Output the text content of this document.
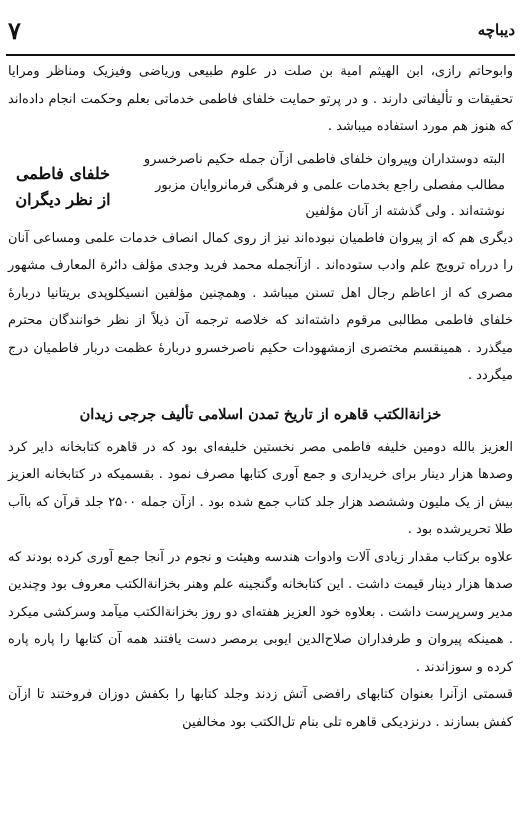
دیباچه
۷

وابوحاتم رازی، ابن الهیثم امیة بن صلت در علوم طبیعی وریاضی وفیزیک ومناظر ومرایا تحقیقات و تألیفاتی دارند . و در پرتو حمایت خلفای فاطمی خدماتی بعلم وحکمت انجام داده‌اند که هنوز هم مورد استفاده میباشد .

البته دوستداران وپیروان خلفای فاطمی ازآن جمله حکیم ناصرخسرو مطالب مفصلی راجع بخدمات علمی و فرهنگی فرمانروایان مزبور نوشته‌اند . ولی گذشته از آنان مؤلفین
خلفای فاطمی از نظر دیگران

دیگری هم که از پیروان فاطمیان نبوده‌اند نیز از روی کمال انصاف خدمات علمی ومساعی آنان را درراه ترویج علم وادب ستوده‌اند . ازآنجمله محمد فرید وجدی مؤلف دائرة المعارف مشهور مصری که از اعاظم رجال اهل تسنن میباشد . وهمچنین مؤلفین انسیکلوپدی بریتانیا دربارهٔ خلفای فاطمی مطالبی مرقوم داشته‌اند که خلاصه ترجمه آن ذیلاً از نظر خوانندگان محترم میگذرد . همینقسم مختصری ازمشهودات حکیم ناصرخسرو دربارهٔ عظمت دربار فاطمیان درج میگردد .

خزانة‌الکتب قاهره از تاریخ تمدن اسلامی تألیف جرجی زیدان

العزیز بالله دومین خلیفه فاطمی مصر نخستین خلیفه‌ای بود که در قاهره کتابخانه دایر کرد وصدها هزار دینار برای خریداری و جمع آوری کتابها مصرف نمود . بقسمیکه در کتابخانه العزیز بیش از یک ملیون وششصد هزار جلد کتاب جمع شده بود . ازآن جمله ۲۵۰۰ جلد قرآن که باآب طلا تحریرشده بود .

علاوه برکتاب مقدار زیادی آلات وادوات هندسه وهیئت و نجوم در آنجا جمع آوری کرده بودند که صدها هزار دینار قیمت داشت . این کتابخانه وگنجینه علم وهنر بخزانة‌الکتب معروف بود وچندین مدیر وسرپرست داشت . بعلاوه خود العزیز هفته‌ای دو روز بخزانة‌الکتب میآمد وسرکشی میکرد . همینکه پیروان و طرفداران صلاح‌الدین ایوبی برمصر دست یافتند همه آن کتابها را پاره پاره کرده و سوزاندند .

قسمتی ازآنرا بعنوان کتابهای رافضی آتش زدند وجلد کتابها را بکفش دوزان فروختند تا ازآن کفش بسازند . درنزدیکی قاهره تلی بنام تل‌الکتب بود مخالفین
